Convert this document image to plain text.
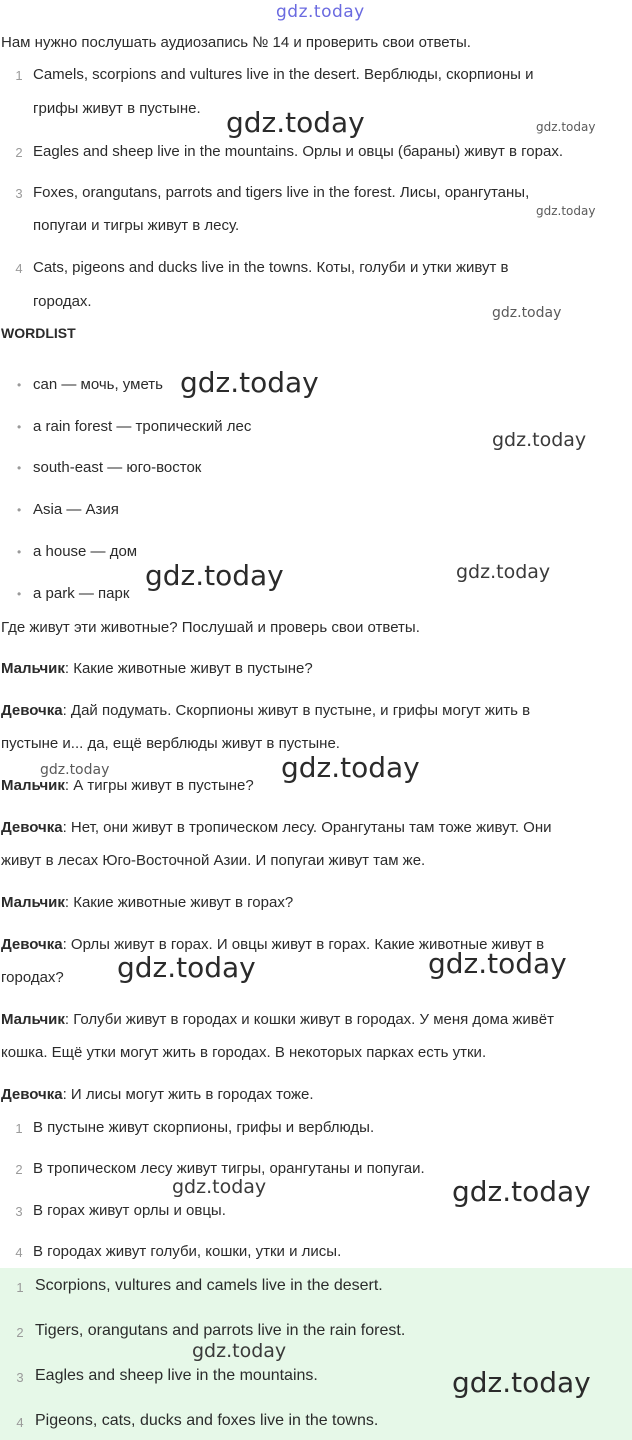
gdz.today
Нам нужно послушать аудиозапись № 14 и проверить свои ответы.
1 Camels, scorpions and vultures live in the desert. Верблюды, скорпионы и
грифы живут в пустыне.
2 Eagles and sheep live in the mountains. Орлы и овцы (бараны) живут в горах.
3 Foxes, orangutans, parrots and tigers live in the forest. Лисы, орангутаны,
попугаи и тигры живут в лесу.
4 Cats, pigeons and ducks live in the towns. Коты, голуби и утки живут в
городах.
WORDLIST
• can — мочь, уметь
• a rain forest — тропический лес
• south-east — юго-восток
• Asia — Азия
• a house — дом
• a park — парк
Где живут эти животные? Послушай и проверь свои ответы.
Мальчик: Какие животные живут в пустыне?
Девочка: Дай подумать. Скорпионы живут в пустыне, и грифы могут жить в
пустыне и... да, ещё верблюды живут в пустыне.
Мальчик: А тигры живут в пустыне?
Девочка: Нет, они живут в тропическом лесу. Орангутаны там тоже живут. Они
живут в лесах Юго-Восточной Азии. И попугаи живут там же.
Мальчик: Какие животные живут в горах?
Девочка: Орлы живут в горах. И овцы живут в горах. Какие животные живут в
городах?
Мальчик: Голуби живут в городах и кошки живут в городах. У меня дома живёт
кошка. Ещё утки могут жить в городах. В некоторых парках есть утки.
Девочка: И лисы могут жить в городах тоже.
1 В пустыне живут скорпионы, грифы и верблюды.
2 В тропическом лесу живут тигры, орангутаны и попугаи.
3 В горах живут орлы и овцы.
4 В городах живут голуби, кошки, утки и лисы.
1 Scorpions, vultures and camels live in the desert.
2 Tigers, orangutans and parrots live in the rain forest.
3 Eagles and sheep live in the mountains.
4 Pigeons, cats, ducks and foxes live in the towns.
gdz.today	gdz.today
gdz.today
gdz.today
gdz.today
gdz.today
gdz.today	gdz.today
gdz.today	gdz.today
gdz.today	gdz.today
gdz.today	gdz.today
gdz.today
gdz.today
